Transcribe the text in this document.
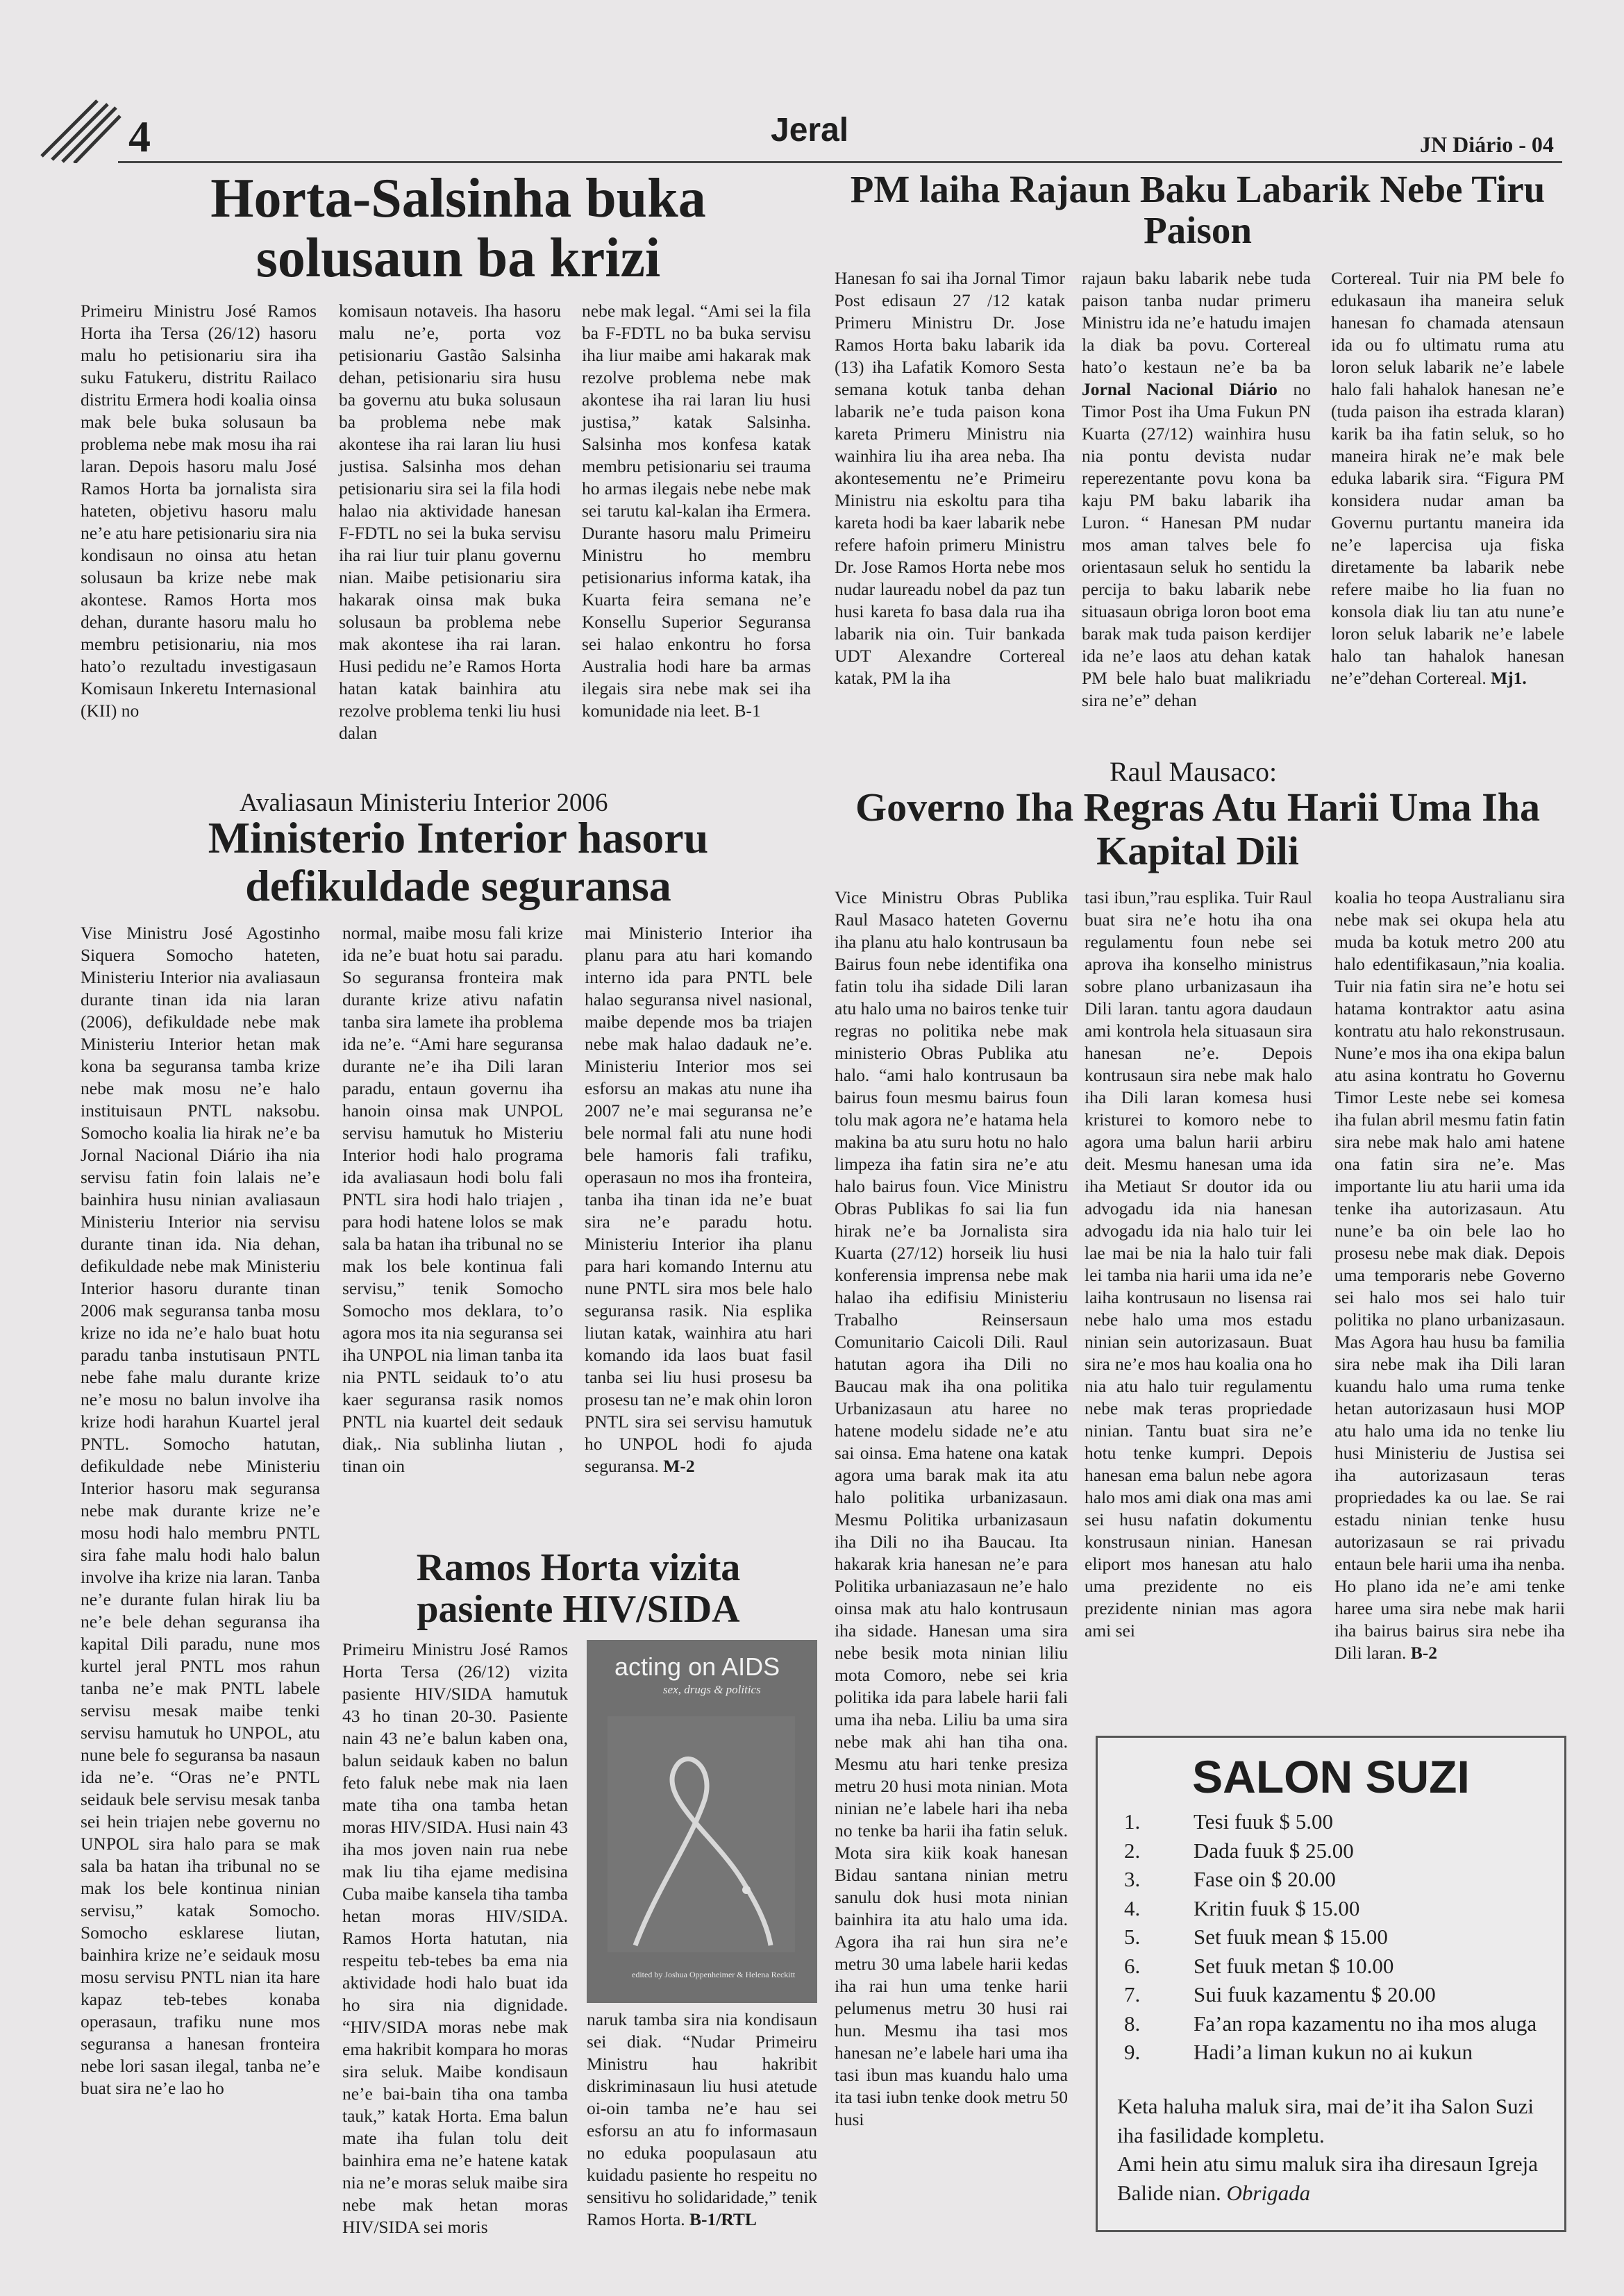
4	Jeral	JN Diário - 04
Horta-Salsinha buka
solusaun ba krizi

Primeiru Ministru José Ramos Horta iha Tersa (26/12) hasoru malu ho petisionariu sira iha suku Fatukeru, distritu Railaco distritu Ermera hodi koalia oinsa mak bele buka solusaun ba problema nebe mak mosu iha rai laran. Depois hasoru malu José Ramos Horta ba jornalista sira hateten, objetivu hasoru malu ne’e atu hare petisionariu sira nia kondisaun no oinsa atu hetan solusaun ba krize nebe mak akontese. Ramos Horta mos dehan, durante hasoru malu ho membru petisionariu, nia mos hato’o rezultadu investigasaun Komisaun Inkeretu Internasional (KII) no

komisaun notaveis. Iha hasoru malu ne’e, porta voz petisionariu Gastão Salsinha dehan, petisionariu sira husu ba governu atu buka solusaun ba problema nebe mak akontese iha rai laran liu husi justisa. Salsinha mos dehan petisionariu sira sei la fila hodi halao nia aktividade hanesan F-FDTL no sei la buka servisu iha rai liur tuir planu governu nian. Maibe petisionariu sira hakarak oinsa mak buka solusaun ba problema nebe mak akontese iha rai laran. Husi pedidu ne’e Ramos Horta hatan katak bainhira atu rezolve problema tenki liu husi dalan

nebe mak legal. “Ami sei la fila ba F-FDTL no ba buka servisu iha liur maibe ami hakarak mak rezolve problema nebe mak akontese iha rai laran liu husi justisa,” katak Salsinha. Salsinha mos konfesa katak membru petisionariu sei trauma ho armas ilegais nebe nebe mak sei tarutu kal-kalan iha Ermera. Durante hasoru malu Primeiru Ministru ho membru petisionarius informa katak, iha Kuarta feira semana ne’e Konsellu Superior Seguransa sei halao enkontru ho forsa Australia hodi hare ba armas ilegais sira nebe mak sei iha komunidade nia leet. B-1

PM laiha Rajaun Baku Labarik Nebe Tiru
Paison

Hanesan fo sai iha Jornal Timor Post edisaun 27 /12 katak Primeru Ministru Dr. Jose Ramos Horta baku labarik ida (13) iha Lafatik Komoro Sesta semana kotuk tanba dehan labarik ne’e tuda paison kona kareta Primeru Ministru nia wainhira liu iha area neba. Iha akontesementu ne’e Primeiru Ministru nia eskoltu para tiha kareta hodi ba kaer labarik nebe refere hafoin primeru Ministru Dr. Jose Ramos Horta nebe mos nudar laureadu nobel da paz tun husi kareta fo basa dala rua iha labarik nia oin. Tuir bankada UDT Alexandre Cortereal katak, PM la iha

rajaun baku labarik nebe tuda paison tanba nudar primeru Ministru ida ne’e hatudu imajen la diak ba povu. Cortereal hato’o kestaun ne’e ba ba Jornal Nacional Diário no Timor Post iha Uma Fukun PN Kuarta (27/12) wainhira husu nia pontu devista nudar reperezentante povu kona ba kaju PM baku labarik iha Luron. “ Hanesan PM nudar mos aman talves bele fo orientasaun seluk ho sentidu la percija to baku labarik nebe situasaun obriga loron boot ema barak mak tuda paison kerdijer ida ne’e laos atu dehan katak PM bele halo buat malikriadu sira ne’e” dehan

Cortereal. Tuir nia PM bele fo edukasaun iha maneira seluk hanesan fo chamada atensaun ida ou fo ultimatu ruma atu loron seluk labarik ne’e labele halo fali hahalok hanesan ne’e (tuda paison iha estrada klaran) karik ba iha fatin seluk, so ho maneira hirak ne’e mak bele eduka labarik sira. “Figura PM konsidera nudar aman ba Governu purtantu maneira ida ne’e lapercisa uja fiska diretamente ba labarik nebe refere maibe ho lia fuan no konsola diak liu tan atu nune’e loron seluk labarik ne’e labele halo tan hahalok hanesan ne’e”dehan Cortereal. Mj1.

Avaliasaun Ministeriu Interior 2006
Ministerio Interior hasoru
defikuldade seguransa

Vise Ministru José Agostinho Siquera Somocho hateten, Ministeriu Interior nia avaliasaun durante tinan ida nia laran (2006), defikuldade nebe mak Ministeriu Interior hetan mak kona ba seguransa tamba krize nebe mak mosu ne’e halo instituisaun PNTL naksobu. Somocho koalia lia hirak ne’e ba Jornal Nacional Diário iha nia servisu fatin foin lalais ne’e bainhira husu ninian avaliasaun Ministeriu Interior nia servisu durante tinan ida. Nia dehan, defikuldade nebe mak Ministeriu Interior hasoru durante tinan 2006 mak seguransa tanba mosu krize no ida ne’e halo buat hotu paradu tanba instutisaun PNTL nebe fahe malu durante krize ne’e mosu no balun involve iha krize hodi harahun Kuartel jeral PNTL. Somocho hatutan, defikuldade nebe Ministeriu Interior hasoru mak seguransa nebe mak durante krize ne’e mosu hodi halo membru PNTL sira fahe malu hodi halo balun involve iha krize nia laran. Tanba ne’e durante fulan hirak liu ba ne’e bele dehan seguransa iha kapital Dili paradu, nune mos kurtel jeral PNTL mos rahun tanba ne’e mak PNTL labele servisu mesak maibe tenki servisu hamutuk ho UNPOL, atu nune bele fo seguransa ba nasaun ida ne’e. “Oras ne’e PNTL seidauk bele servisu mesak tanba sei hein triajen nebe governu no UNPOL sira halo para se mak sala ba hatan iha tribunal no se mak los bele kontinua ninian servisu,” katak Somocho. Somocho esklarese liutan, bainhira krize ne’e seidauk mosu mosu servisu PNTL nian ita hare kapaz teb-tebes konaba operasaun, trafiku nune mos seguransa a hanesan fronteira nebe lori sasan ilegal, tanba ne’e buat sira ne’e lao ho

normal, maibe mosu fali krize ida ne’e buat hotu sai paradu. So seguransa fronteira mak durante krize ativu nafatin tanba sira lamete iha problema ida ne’e. “Ami hare seguransa durante ne’e iha Dili laran paradu, entaun governu iha hanoin oinsa mak UNPOL servisu hamutuk ho Misteriu Interior hodi halo programa ida avaliasaun hodi bolu fali PNTL sira hodi halo triajen , para hodi hatene lolos se mak sala ba hatan iha tribunal no se mak los bele kontinua fali servisu,” tenik Somocho Somocho mos deklara, to’o agora mos ita nia seguransa sei iha UNPOL nia liman tanba ita nia PNTL seidauk to’o atu kaer seguransa rasik nomos PNTL nia kuartel deit sedauk diak,. Nia sublinha liutan , tinan oin

mai Ministerio Interior iha planu para atu hari komando interno ida para PNTL bele halao seguransa nivel nasional, maibe depende mos ba triajen nebe mak halao dadauk ne’e. Ministeriu Interior mos sei esforsu an makas atu nune iha 2007 ne’e mai seguransa ne’e bele normal fali atu nune hodi bele hamoris fali trafiku, operasaun no mos iha fronteira, tanba iha tinan ida ne’e buat sira ne’e paradu hotu. Ministeriu Interior iha planu para hari komando Internu atu nune PNTL sira mos bele halo seguransa rasik. Nia esplika liutan katak, wainhira atu hari komando ida laos buat fasil tanba sei liu husi prosesu ba prosesu tan ne’e mak ohin loron PNTL sira sei servisu hamutuk ho UNPOL hodi fo ajuda seguransa. M-2

Ramos Horta vizita
pasiente HIV/SIDA

Primeiru Ministru José Ramos Horta Tersa (26/12) vizita pasiente HIV/SIDA hamutuk 43 ho tinan 20-30. Pasiente nain 43 ne’e balun kaben ona, balun seidauk kaben no balun feto faluk nebe mak nia laen mate tiha ona tamba hetan moras HIV/SIDA. Husi nain 43 iha mos joven nain rua nebe mak liu tiha ejame medisina Cuba maibe kansela tiha tamba hetan moras HIV/SIDA. Ramos Horta hatutan, nia respeitu teb-tebes ba ema nia aktividade hodi halo buat ida ho sira nia dignidade. “HIV/SIDA moras nebe mak ema hakribit kompara ho moras sira seluk. Maibe kondisaun ne’e bai-bain tiha ona tamba tauk,” katak Horta. Ema balun mate iha fulan tolu deit bainhira ema ne’e hatene katak nia ne’e moras seluk maibe sira nebe mak hetan moras HIV/SIDA sei moris

acting on AIDS
sex, drugs & politics
edited by Joshua Oppenheimer & Helena Reckitt

naruk tamba sira nia kondisaun sei diak. “Nudar Primeiru Ministru hau hakribit diskriminasaun liu husi atetude oi-oin tamba ne’e hau sei esforsu an atu fo informasaun no eduka poopulasaun atu kuidadu pasiente ho respeitu no sensitivu ho solidaridade,” tenik Ramos Horta. B-1/RTL

Raul Mausaco:
Governo Iha Regras Atu Harii Uma Iha
Kapital Dili

Vice Ministru Obras Publika Raul Masaco hateten Governu iha planu atu halo kontrusaun ba Bairus foun nebe identifika ona fatin tolu iha sidade Dili laran atu halo uma no bairos tenke tuir regras no politika nebe mak ministerio Obras Publika atu halo. “ami halo kontrusaun ba bairus foun mesmu bairus foun tolu mak agora ne’e hatama hela makina ba atu suru hotu no halo limpeza iha fatin sira ne’e atu halo bairus foun. Vice Ministru Obras Publikas fo sai lia fun hirak ne’e ba Jornalista sira Kuarta (27/12) horseik liu husi konferensia imprensa nebe mak halao iha edifisiu Ministeriu Trabalho Reinsersaun Comunitario Caicoli Dili. Raul hatutan agora iha Dili no Baucau mak iha ona politika Urbanizasaun atu haree no hatene modelu sidade ne’e atu sai oinsa. Ema hatene ona katak agora uma barak mak ita atu halo politika urbanizasaun. Mesmu Politika urbanizasaun iha Dili no iha Baucau. Ita hakarak kria hanesan ne’e para Politika urbaniazasaun ne’e halo oinsa mak atu halo kontrusaun iha sidade. Hanesan uma sira nebe besik mota ninian liliu mota Comoro, nebe sei kria politika ida para labele harii fali uma iha neba. Liliu ba uma sira nebe mak ahi han tiha ona. Mesmu atu hari tenke presiza metru 20 husi mota ninian. Mota ninian ne’e labele hari iha neba no tenke ba harii iha fatin seluk. Mota sira kiik koak hanesan Bidau santana ninian metru sanulu dok husi mota ninian bainhira ita atu halo uma ida. Agora iha rai hun sira ne’e metru 30 uma labele harii kedas iha rai hun uma tenke harii pelumenus metru 30 husi rai hun. Mesmu iha tasi mos hanesan ne’e labele hari uma iha tasi ibun mas kuandu halo uma ita tasi iubn tenke dook metru 50 husi

tasi ibun,”rau esplika. Tuir Raul buat sira ne’e hotu iha ona regulamentu foun nebe sei aprova iha konselho ministrus sobre plano urbanizasaun iha Dili laran. tantu agora daudaun ami kontrola hela situasaun sira hanesan ne’e. Depois kontrusaun sira nebe mak halo iha Dili laran komesa husi kristurei to komoro nebe to agora uma balun harii arbiru deit. Mesmu hanesan uma ida iha Metiaut Sr doutor ida ou advogadu ida nia hanesan advogadu ida nia halo tuir lei lae mai be nia la halo tuir fali lei tamba nia harii uma ida ne’e laiha kontrusaun no lisensa rai nebe halo uma mos estadu ninian sein autorizasaun. Buat sira ne’e mos hau koalia ona ho nia atu halo tuir regulamentu nebe mak teras propriedade ninian. Tantu buat sira ne’e hotu tenke kumpri. Depois hanesan ema balun nebe agora halo mos ami diak ona mas ami sei husu nafatin dokumentu konstrusaun ninian. Hanesan eliport mos hanesan atu halo uma prezidente no eis prezidente ninian mas agora ami sei

koalia ho teopa Australianu sira nebe mak sei okupa hela atu muda ba kotuk metro 200 atu halo edentifikasaun,”nia koalia. Tuir nia fatin sira ne’e hotu sei hatama kontraktor aatu asina kontratu atu halo rekonstrusaun. Nune’e mos iha ona ekipa balun atu asina kontratu ho Governu Timor Leste nebe sei komesa iha fulan abril mesmu fatin fatin sira nebe mak halo ami hatene ona fatin sira ne’e. Mas importante liu atu harii uma ida tenke iha autorizasaun. Atu nune’e ba oin bele lao ho prosesu nebe mak diak. Depois uma temporaris nebe Governo sei halo mos sei halo tuir politika no plano urbanizasaun. Mas Agora hau husu ba familia sira nebe mak iha Dili laran kuandu halo uma ruma tenke hetan autorizasaun husi MOP atu halo uma ida no tenke liu husi Ministeriu de Justisa sei iha autorizasaun teras propriedades ka ou lae. Se rai estadu ninian tenke husu autorizasaun se rai privadu entaun bele harii uma iha nenba. Ho plano ida ne’e ami tenke haree uma sira nebe mak harii iha bairus bairus sira nebe iha Dili laran. B-2

SALON SUZI
1.	Tesi fuuk $ 5.00
2.	Dada fuuk $ 25.00
3.	Fase oin $ 20.00
4.	Kritin fuuk $ 15.00
5.	Set fuuk mean $ 15.00
6.	Set fuuk metan $ 10.00
7.	Sui fuuk kazamentu $ 20.00
8.	Fa’an ropa kazamentu no iha mos aluga
9.	Hadi’a liman kukun no ai kukun
Keta haluha maluk sira, mai de’it iha Salon Suzi iha fasilidade kompletu.
Ami hein atu simu maluk sira iha diresaun Igreja Balide nian. Obrigada
